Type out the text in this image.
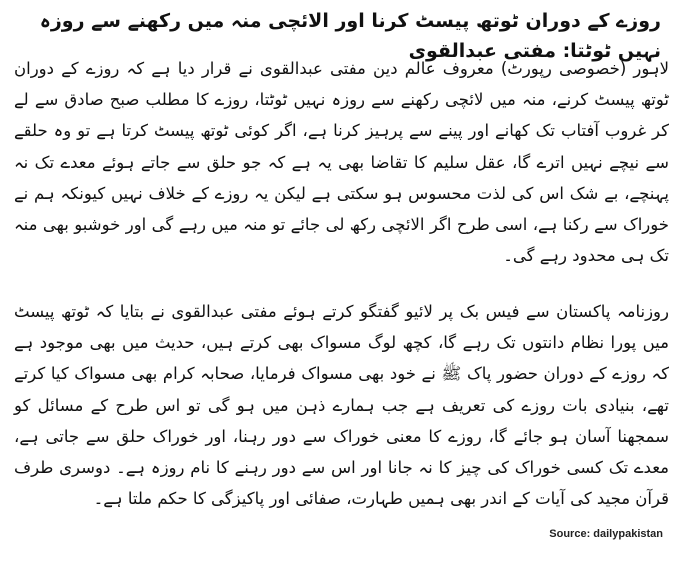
روزے کے دوران ٹوتھ پیسٹ کرنا اور الائچی منہ میں رکھنے سے روزہ نہیں ٹوٹتا: مفتی عبدالقوی
لاہور (خصوصی رپورٹ) معروف عالم دین مفتی عبدالقوی نے قرار دیا ہے کہ روزے کے دوران ٹوتھ پیسٹ کرنے، منہ میں لائچی رکھنے سے روزہ نہیں ٹوٹتا، روزے کا مطلب صبح صادق سے لے کر غروب آفتاب تک کھانے اور پینے سے پرہیز کرنا ہے، اگر کوئی ٹوتھ پیسٹ کرتا ہے تو وہ حلقے سے نیچے نہیں اترے گا، عقل سلیم کا تقاضا بھی یہ ہے کہ جو حلق سے جاتے ہوئے معدے تک نہ پہنچے، بے شک اس کی لذت محسوس ہو سکتی ہے لیکن یہ روزے کے خلاف نہیں کیونکہ ہم نے خوراک سے رکنا ہے، اسی طرح اگر الائچی رکھ لی جائے تو منہ میں رہے گی اور خوشبو بھی منہ تک ہی محدود رہے گی۔
روزنامہ پاکستان سے فیس بک پر لائیو گفتگو کرتے ہوئے مفتی عبدالقوی نے بتایا کہ ٹوتھ پیسٹ میں پورا نظام دانتوں تک رہے گا، کچھ لوگ مسواک بھی کرتے ہیں، حدیث میں بھی موجود ہے کہ روزے کے دوران حضور پاک ﷺ نے خود بھی مسواک فرمایا، صحابہ کرام بھی مسواک کیا کرتے تھے، بنیادی بات روزے کی تعریف ہے جب ہمارے ذہن میں ہو گی تو اس طرح کے مسائل کو سمجھنا آسان ہو جائے گا، روزے کا معنی خوراک سے دور رہنا، اور خوراک حلق سے جاتی ہے، معدے تک کسی خوراک کی چیز کا نہ جانا اور اس سے دور رہنے کا نام روزہ ہے۔ دوسری طرف قرآن مجید کی آیات کے اندر بھی ہمیں طہارت، صفائی اور پاکیزگی کا حکم ملتا ہے۔
Source: dailypakistan
